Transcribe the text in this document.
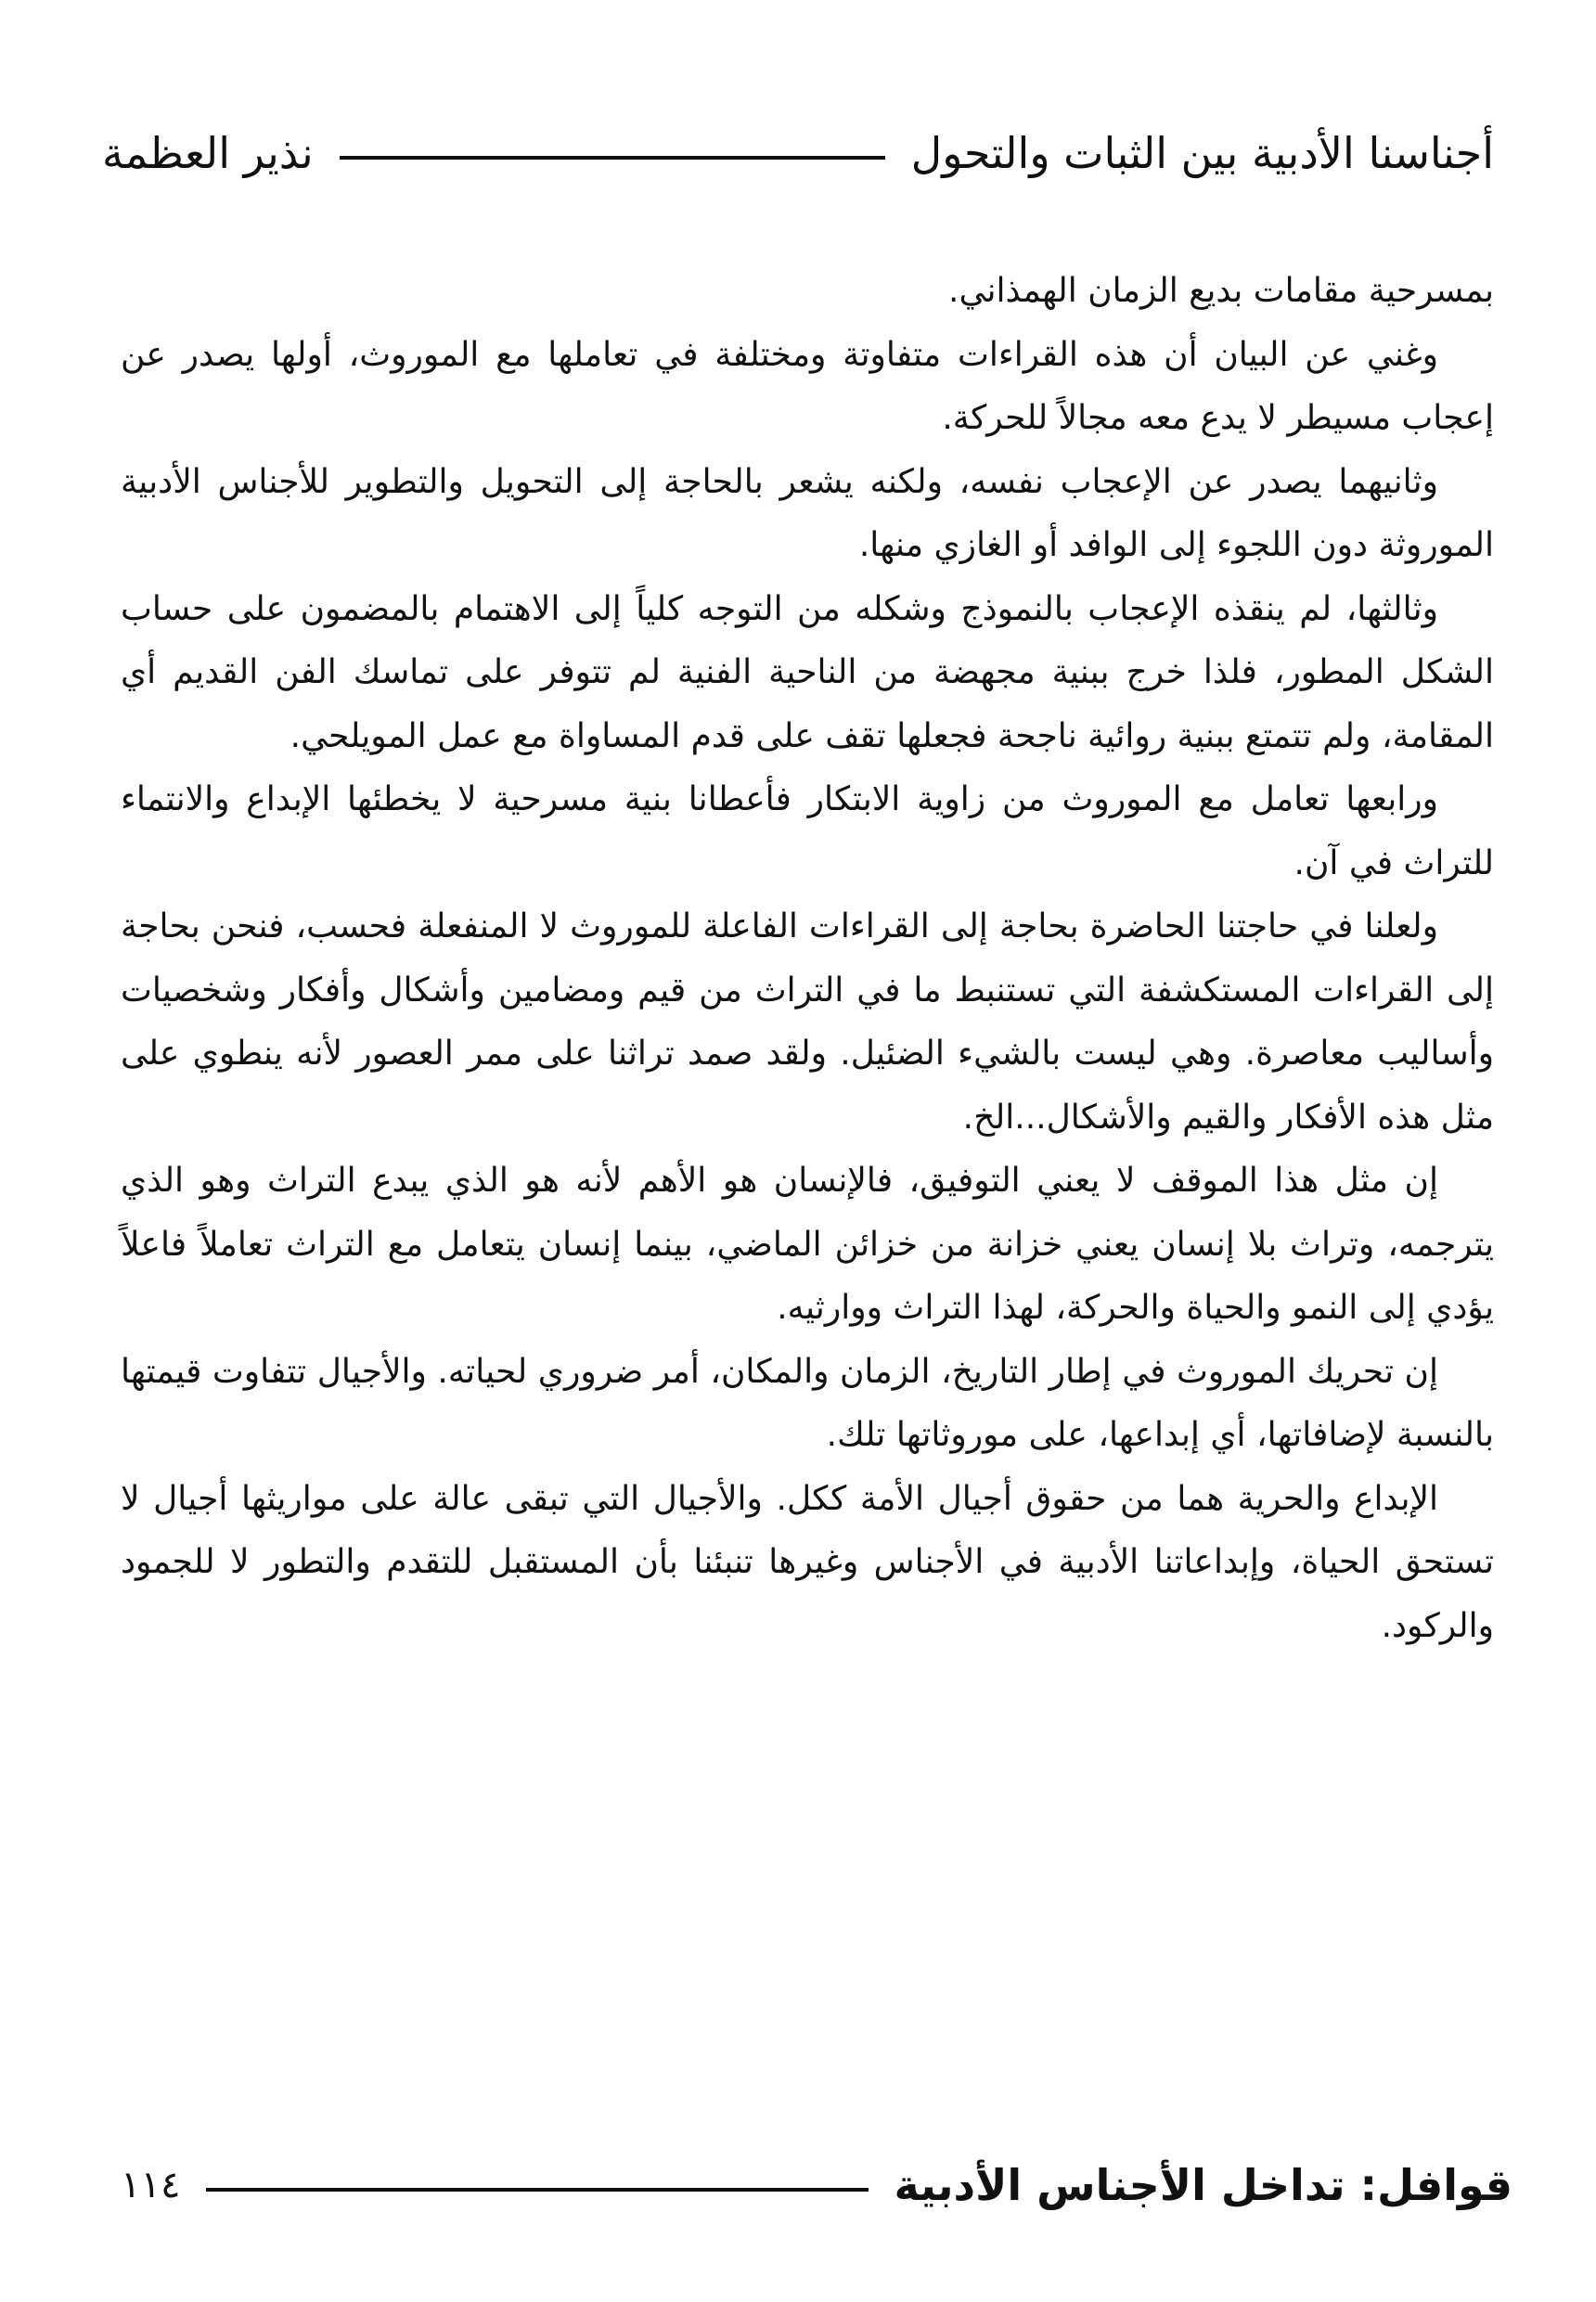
أجناسنا الأدبية بين الثبات والتحول
نذير العظمة

بمسرحية مقامات بديع الزمان الهمذاني.

وغني عن البيان أن هذه القراءات متفاوتة ومختلفة في تعاملها مع الموروث، أولها يصدر عن إعجاب مسيطر لا يدع معه مجالاً للحركة.

وثانيهما يصدر عن الإعجاب نفسه، ولكنه يشعر بالحاجة إلى التحويل والتطوير للأجناس الأدبية الموروثة دون اللجوء إلى الوافد أو الغازي منها.

وثالثها، لم ينقذه الإعجاب بالنموذج وشكله من التوجه كلياً إلى الاهتمام بالمضمون على حساب الشكل المطور، فلذا خرج ببنية مجهضة من الناحية الفنية لم تتوفر على تماسك الفن القديم أي المقامة، ولم تتمتع ببنية روائية ناجحة فجعلها تقف على قدم المساواة مع عمل المويلحي.

ورابعها تعامل مع الموروث من زاوية الابتكار فأعطانا بنية مسرحية لا يخطئها الإبداع والانتماء للتراث في آن.

ولعلنا في حاجتنا الحاضرة بحاجة إلى القراءات الفاعلة للموروث لا المنفعلة فحسب، فنحن بحاجة إلى القراءات المستكشفة التي تستنبط ما في التراث من قيم ومضامين وأشكال وأفكار وشخصيات وأساليب معاصرة. وهي ليست بالشيء الضئيل. ولقد صمد تراثنا على ممر العصور لأنه ينطوي على مثل هذه الأفكار والقيم والأشكال...الخ.

إن مثل هذا الموقف لا يعني التوفيق، فالإنسان هو الأهم لأنه هو الذي يبدع التراث وهو الذي يترجمه، وتراث بلا إنسان يعني خزانة من خزائن الماضي، بينما إنسان يتعامل مع التراث تعاملاً فاعلاً يؤدي إلى النمو والحياة والحركة، لهذا التراث ووارثيه.

إن تحريك الموروث في إطار التاريخ، الزمان والمكان، أمر ضروري لحياته. والأجيال تتفاوت قيمتها بالنسبة لإضافاتها، أي إبداعها، على موروثاتها تلك.

الإبداع والحرية هما من حقوق أجيال الأمة ككل. والأجيال التي تبقى عالة على مواريثها أجيال لا تستحق الحياة، وإبداعاتنا الأدبية في الأجناس وغيرها تنبئنا بأن المستقبل للتقدم والتطور لا للجمود والركود.

قوافل: تداخل الأجناس الأدبية
١١٤
